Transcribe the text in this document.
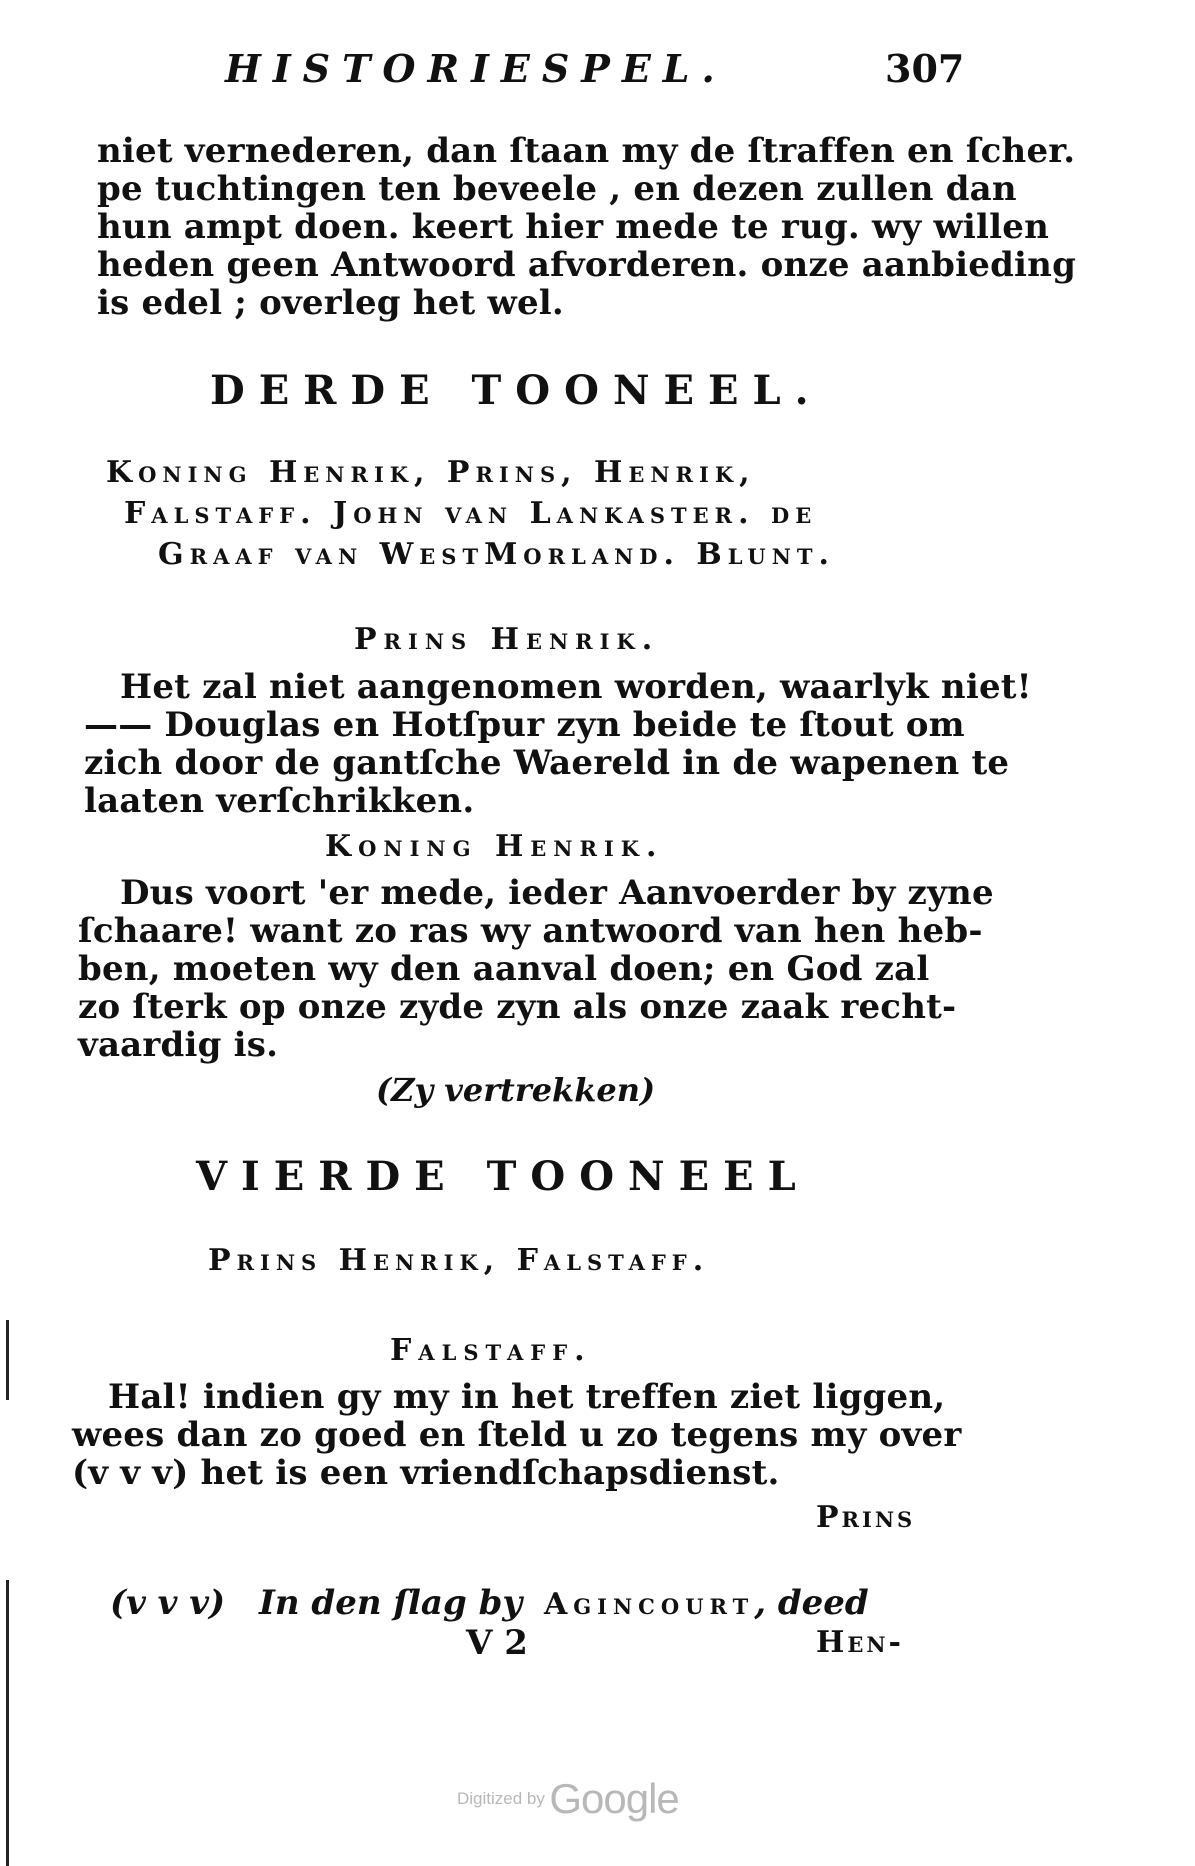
HISTORIESPEL.	307
niet vernederen, dan ſtaan my de ſtraffen en ſcher.
pe tuchtingen ten beveele , en dezen zullen dan
hun ampt doen. keert hier mede te rug. wy willen
heden geen Antwoord afvorderen. onze aanbieding
is edel ; overleg het wel.
DERDE TOONEEL.
Koning Henrik, Prins, Henrik,
Falstaff. John van Lankaster. de
Graaf van WestMorland. Blunt.
Prins Henrik.
Het zal niet aangenomen worden, waarlyk niet!
—— Douglas en Hotſpur zyn beide te ſtout om
zich door de gantſche Waereld in de wapenen te
laaten verſchrikken.
Koning Henrik.
Dus voort 'er mede, ieder Aanvoerder by zyne
ſchaare! want zo ras wy antwoord van hen heb-
ben, moeten wy den aanval doen; en God zal
zo ſterk op onze zyde zyn als onze zaak recht-
vaardig is.
(Zy vertrekken)
VIERDE TOONEEL
Prins Henrik, Falstaff.
Falstaff.
Hal! indien gy my in het treffen ziet liggen,
wees dan zo goed en ſteld u zo tegens my over
(v v v) het is een vriendſchapsdienst.
Prins
(v v v) In den ſlag by Agincourt, deed
V 2	Hen-
Digitized by Google
